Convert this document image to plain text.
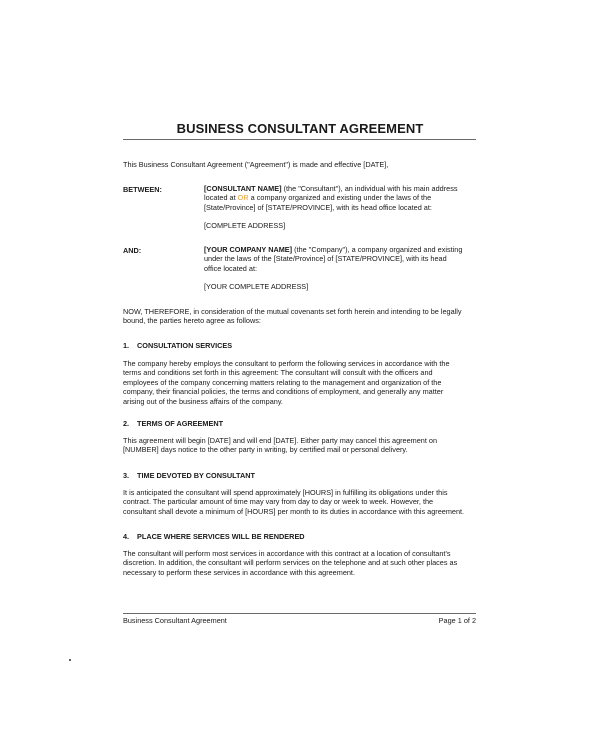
BUSINESS CONSULTANT AGREEMENT
This Business Consultant Agreement ("Agreement") is made and effective [DATE],
BETWEEN:	[CONSULTANT NAME] (the "Consultant"), an individual with his main address
located at OR a company organized and existing under the laws of the
[State/Province] of [STATE/PROVINCE], with its head office located at:
[COMPLETE ADDRESS]
AND:	[YOUR COMPANY NAME] (the "Company"), a company organized and existing
under the laws of the [State/Province] of [STATE/PROVINCE], with its head
office located at:
[YOUR COMPLETE ADDRESS]
NOW, THEREFORE, in consideration of the mutual covenants set forth herein and intending to be legally
bound, the parties hereto agree as follows:
1. CONSULTATION SERVICES
The company hereby employs the consultant to perform the following services in accordance with the
terms and conditions set forth in this agreement: The consultant will consult with the officers and
employees of the company concerning matters relating to the management and organization of the
company, their financial policies, the terms and conditions of employment, and generally any matter
arising out of the business affairs of the company.
2. TERMS OF AGREEMENT
This agreement will begin [DATE] and will end [DATE]. Either party may cancel this agreement on
[NUMBER] days notice to the other party in writing, by certified mail or personal delivery.
3. TIME DEVOTED BY CONSULTANT
It is anticipated the consultant will spend approximately [HOURS] in fulfilling its obligations under this
contract. The particular amount of time may vary from day to day or week to week. However, the
consultant shall devote a minimum of [HOURS] per month to its duties in accordance with this agreement.
4. PLACE WHERE SERVICES WILL BE RENDERED
The consultant will perform most services in accordance with this contract at a location of consultant’s
discretion. In addition, the consultant will perform services on the telephone and at such other places as
necessary to perform these services in accordance with this agreement.
Business Consultant Agreement	Page 1 of 2
